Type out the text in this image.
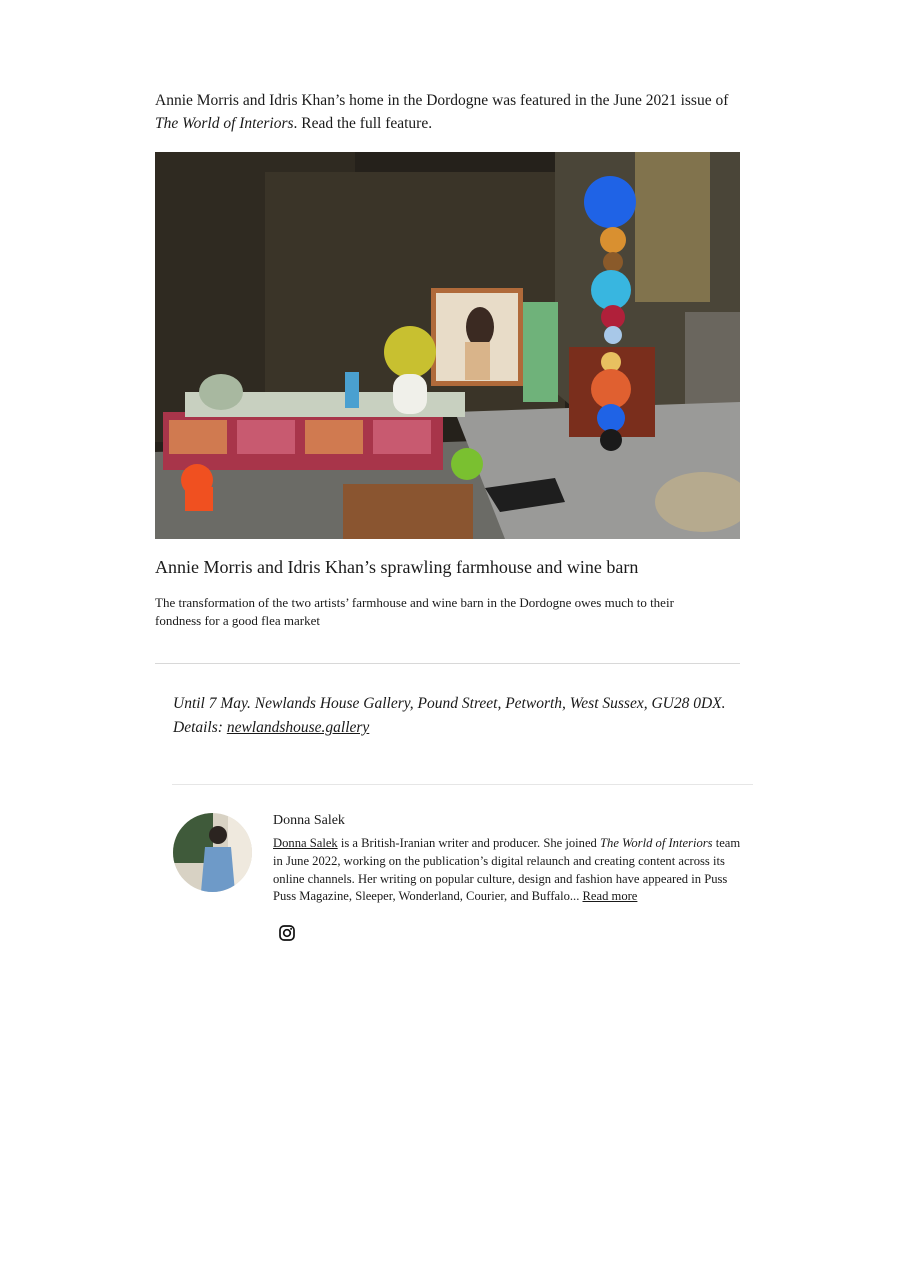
Annie Morris and Idris Khan’s home in the Dordogne was featured in the June 2021 issue of The World of Interiors. Read the full feature.

Annie Morris and Idris Khan’s sprawling farmhouse and wine barn

The transformation of the two artists’ farmhouse and wine barn in the Dordogne owes much to their fondness for a good flea market

Until 7 May. Newlands House Gallery, Pound Street, Petworth, West Sussex, GU28 0DX.
Details: newlandshouse.gallery

Donna Salek

Donna Salek is a British-Iranian writer and producer. She joined The World of Interiors team in June 2022, working on the publication’s digital relaunch and creating content across its online channels. Her writing on popular culture, design and fashion have appeared in Puss Puss Magazine, Sleeper, Wonderland, Courier, and Buffalo... Read more
